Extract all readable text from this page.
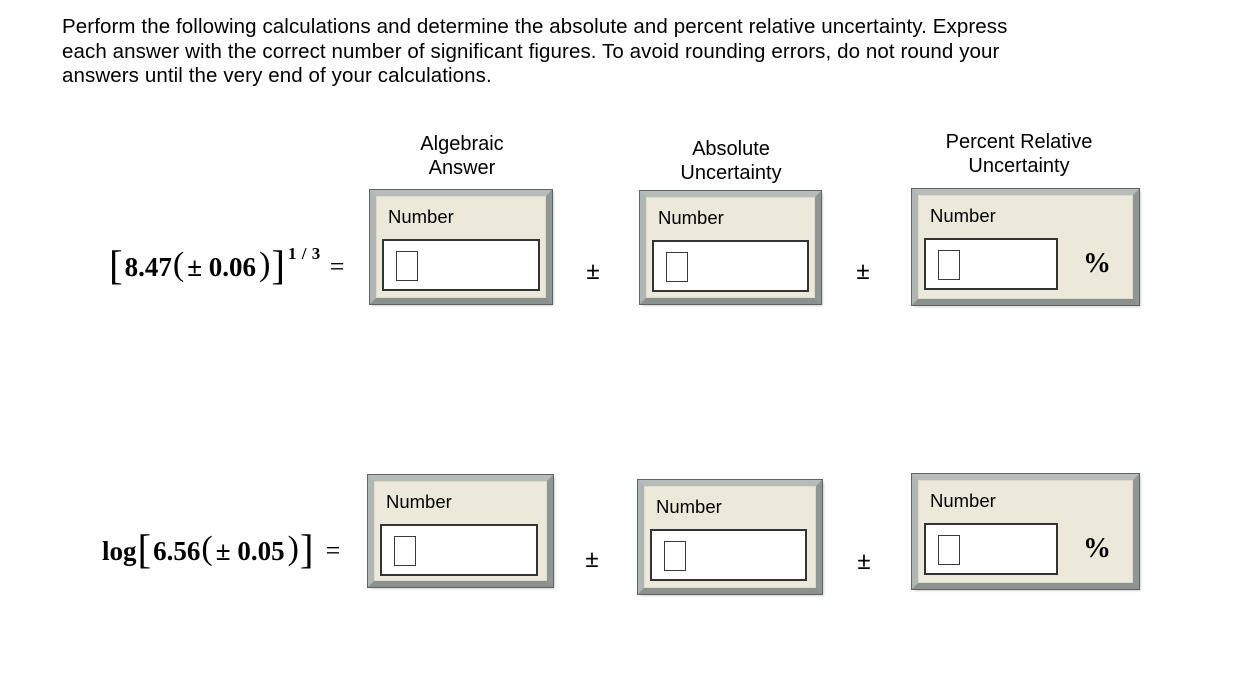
Perform the following calculations and determine the absolute and percent relative uncertainty. Express
each answer with the correct number of significant figures. To avoid rounding errors, do not round your
answers until the very end of your calculations.
Algebraic
Answer
Absolute
Uncertainty
Percent Relative
Uncertainty
[ 8.47 ( ± 0.06 ) ] 1 / 3 =
Number
±
Number
±
Number
%
log [ 6.56 ( ± 0.05 ) ] =
Number
±
Number
±
Number
%
